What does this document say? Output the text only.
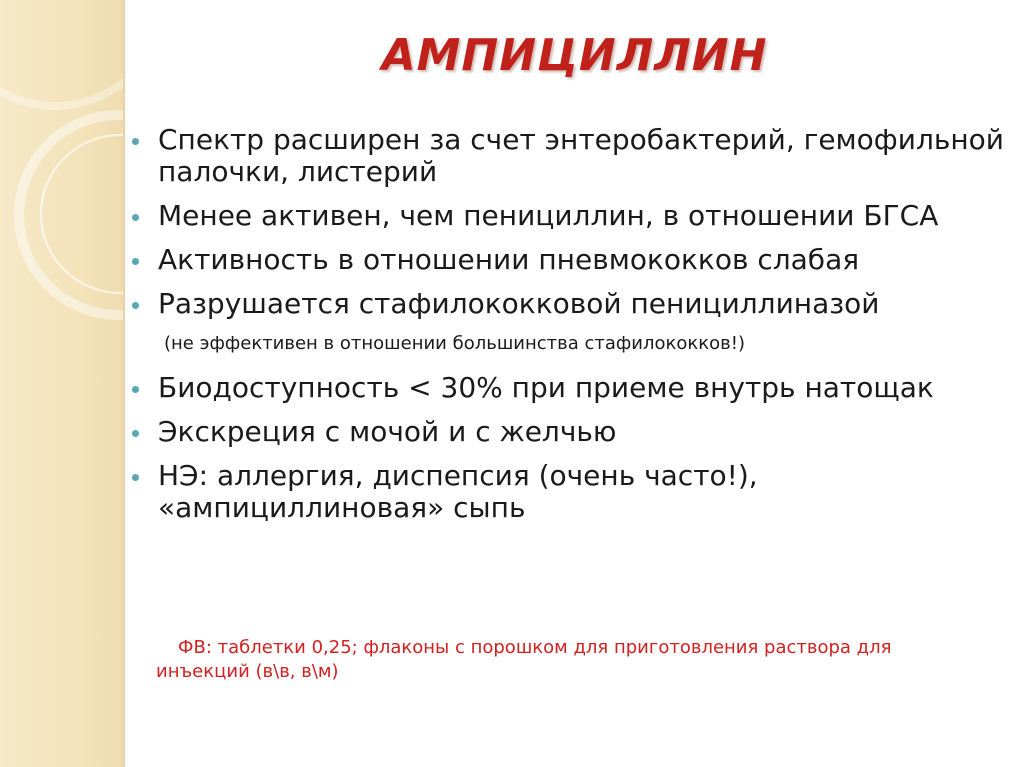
АМПИЦИЛЛИН
Спектр расширен за счет энтеробактерий, гемофильной палочки, листерий
Менее активен, чем пенициллин, в отношении БГСА
Активность в отношении пневмококков слабая
Разрушается стафилококковой пенициллиназой
(не эффективен в отношении большинства стафилококков!)
Биодоступность < 30% при приеме внутрь натощак
Экскреция с мочой и с желчью
НЭ: аллергия, диспепсия (очень часто!), «ампициллиновая» сыпь
ФВ: таблетки 0,25; флаконы с порошком для приготовления раствора для инъекций (в\в, в\м)
